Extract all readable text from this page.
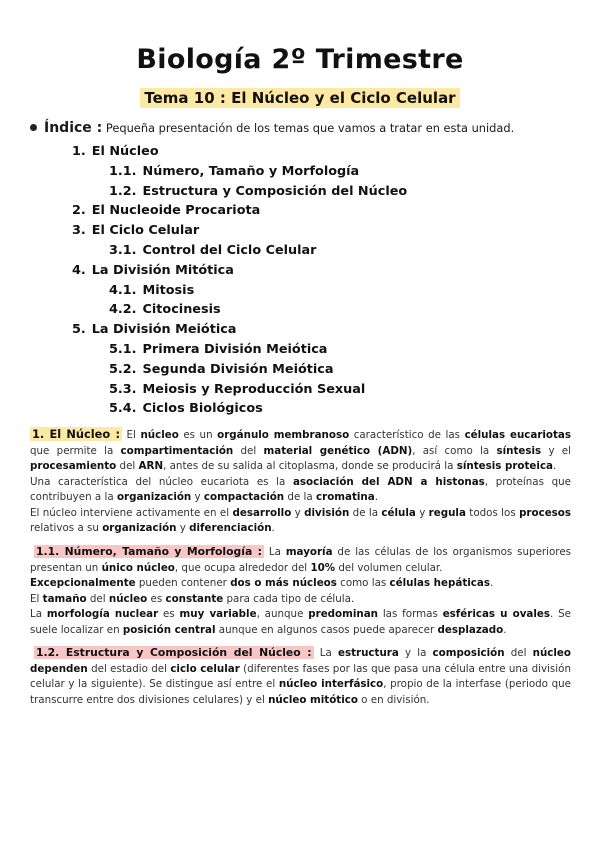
Biología 2º Trimestre
Tema 10 : El Núcleo y el Ciclo Celular
Índice : Pequeña presentación de los temas que vamos a tratar en esta unidad.
1. El Núcleo
1.1. Número, Tamaño y Morfología
1.2. Estructura y Composición del Núcleo
2. El Nucleoide Procariota
3. El Ciclo Celular
3.1. Control del Ciclo Celular
4. La División Mitótica
4.1. Mitosis
4.2. Citocinesis
5. La División Meiótica
5.1. Primera División Meiótica
5.2. Segunda División Meiótica
5.3. Meiosis y Reproducción Sexual
5.4. Ciclos Biológicos

1. El Núcleo : El núcleo es un orgánulo membranoso característico de las células eucariotas que permite la compartimentación del material genético (ADN), así como la síntesis y el procesamiento del ARN, antes de su salida al citoplasma, donde se producirá la síntesis proteica.

Una característica del núcleo eucariota es la asociación del ADN a histonas, proteínas que contribuyen a la organización y compactación de la cromatina.

El núcleo interviene activamente en el desarrollo y división de la célula y regula todos los procesos relativos a su organización y diferenciación.

1.1. Número, Tamaño y Morfología : La mayoría de las células de los organismos superiores presentan un único núcleo, que ocupa alrededor del 10% del volumen celular.

Excepcionalmente pueden contener dos o más núcleos como las células hepáticas.

El tamaño del núcleo es constante para cada tipo de célula.

La morfología nuclear es muy variable, aunque predominan las formas esféricas u ovales. Se suele localizar en posición central aunque en algunos casos puede aparecer desplazado.

1.2. Estructura y Composición del Núcleo : La estructura y la composición del núcleo dependen del estadio del ciclo celular (diferentes fases por las que pasa una célula entre una división celular y la siguiente). Se distingue así entre el núcleo interfásico, propio de la interfase (periodo que transcurre entre dos divisiones celulares) y el núcleo mitótico o en división.
